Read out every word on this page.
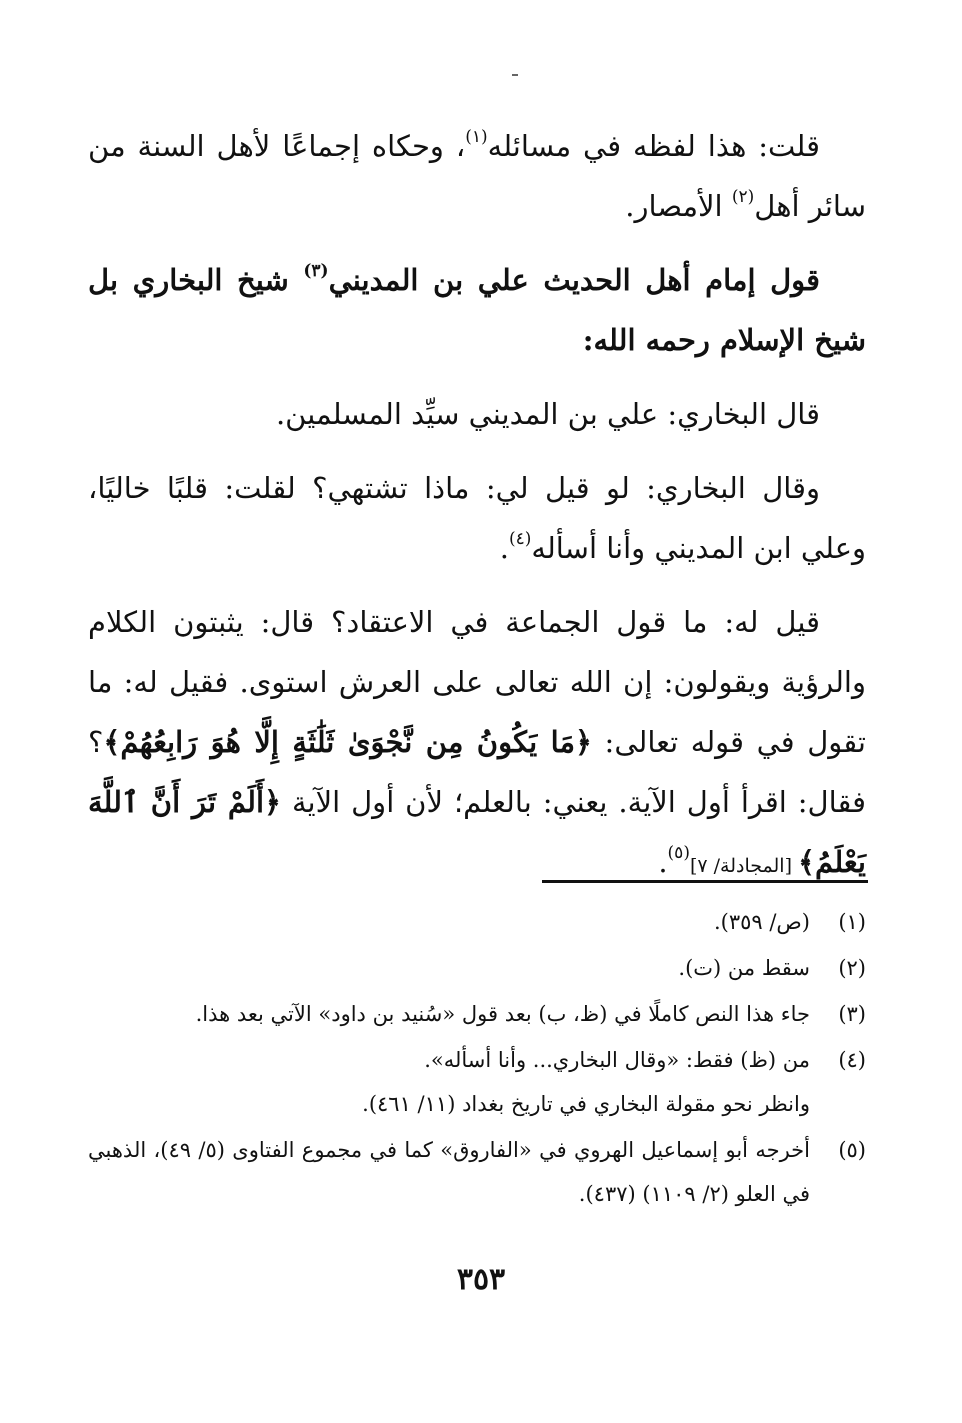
قلت: هذا لفظه في مسائله$^{(١)}$، وحكاه إجماعًا لأهل السنة من سائر أهل$^{(٢)}$ الأمصار.

قول إمام أهل الحديث علي بن المديني$^{(٣)}$ شيخ البخاري بل شيخ الإسلام رحمه الله:

قال البخاري: علي بن المديني سيِّد المسلمين.

وقال البخاري: لو قيل لي: ماذا تشتهي؟ لقلت: قلبًا خاليًا، وعلي ابن المديني وأنا أسأله$^{(٤)}$.

قيل له: ما قول الجماعة في الاعتقاد؟ قال: يثبتون الكلام والرؤية ويقولون: إن الله تعالى على العرش استوى. فقيل له: ما تقول في قوله تعالى: ﴿مَا يَكُونُ مِن نَّجْوَىٰ ثَلَٰثَةٍ إِلَّا هُوَ رَابِعُهُمْ﴾؟ فقال: اقرأ أول الآية. يعني: بالعلم؛ لأن أول الآية ﴿أَلَمْ تَرَ أَنَّ ٱللَّهَ يَعْلَمُ﴾ [المجادلة/ ٧]$^{(٥)}$.

(١)
(ص/ ٣٥٩).
(٢)
سقط من (ت).
(٣)
جاء هذا النص كاملًا في (ظ، ب) بعد قول «سُنيد بن داود» الآتي بعد هذا.
(٤)
من (ظ) فقط: «وقال البخاري... وأنا أسأله».
وانظر نحو مقولة البخاري في تاريخ بغداد (١١/ ٤٦١).
(٥)
أخرجه أبو إسماعيل الهروي في «الفاروق» كما في مجموع الفتاوى (٥/ ٤٩)، الذهبي في العلو (٢/ ١١٠٩) (٤٣٧).
٣٥٣
